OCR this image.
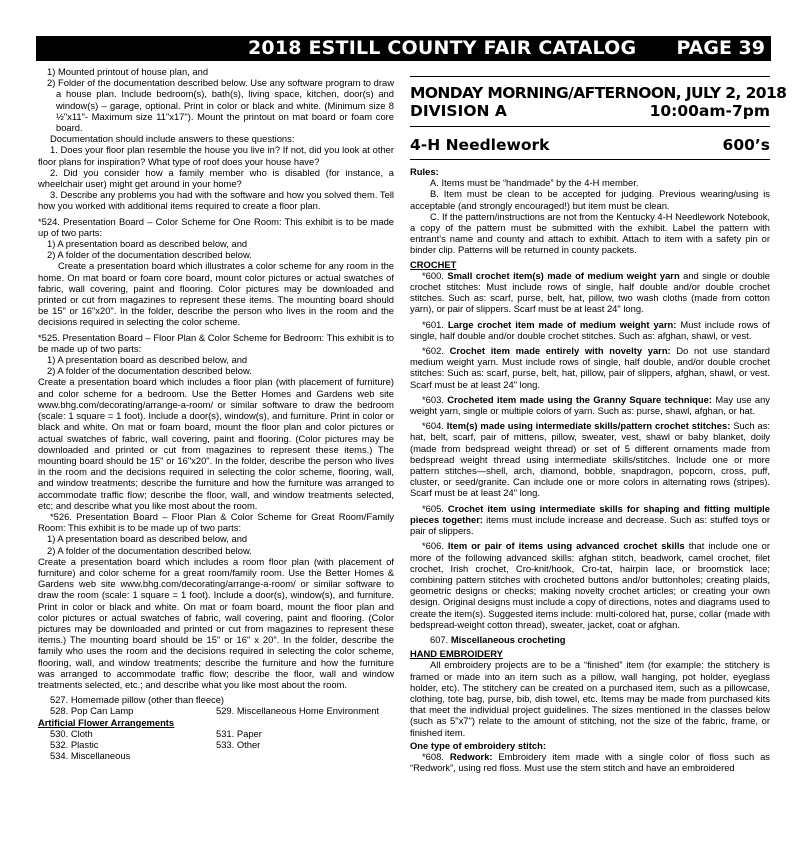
2018 ESTILL COUNTY FAIR CATALOG PAGE 39

1) Mounted printout of house plan, and

2) Folder of the documentation described below. Use any software program to draw a house plan. Include bedroom(s), bath(s), living space, kitchen, door(s) and window(s) – garage, optional. Print in color or black and white. (Minimum size 8 ½"x11"- Maximum size 11"x17"). Mount the printout on mat board or foam core board.

Documentation should include answers to these questions:

1. Does your floor plan resemble the house you live in? If not, did you look at other floor plans for inspiration? What type of roof does your house have?

2. Did you consider how a family member who is disabled (for instance, a wheelchair user) might get around in your home?

3. Describe any problems you had with the software and how you solved them. Tell how you worked with additional items required to create a floor plan.

*524. Presentation Board – Color Scheme for One Room: This exhibit is to be made up of two parts:

1) A presentation board as described below, and

2) A folder of the documentation described below.

Create a presentation board which illustrates a color scheme for any room in the home. On mat board or foam core board, mount color pictures or actual swatches of fabric, wall covering, paint and flooring. Color pictures may be downloaded and printed or cut from magazines to represent these items. The mounting board should be 15" or 16"x20". In the folder, describe the person who lives in the room and the decisions required in selecting the color scheme.

*525. Presentation Board – Floor Plan & Color Scheme for Bedroom: This exhibit is to be made up of two parts:

1) A presentation board as described below, and

2) A folder of the documentation described below.

Create a presentation board which includes a floor plan (with placement of furniture) and color scheme for a bedroom. Use the Better Homes and Gardens web site www.bhg.com/decorating/arrange-a-room/ or similar software to draw the bedroom (scale: 1 square = 1 foot). Include a door(s), window(s), and furniture. Print in color or black and white. On mat or foam board, mount the floor plan and color pictures or actual swatches of fabric, wall covering, paint and flooring. (Color pictures may be downloaded and printed or cut from magazines to represent these items.) The mounting board should be 15" or 16"x20". In the folder, describe the person who lives in the room and the decisions required in selecting the color scheme, flooring, wall, and window treatments; describe the furniture and how the furniture was arranged to accommodate traffic flow; describe the floor, wall, and window treatments selected, etc; and describe what you like most about the room.

*526. Presentation Board – Floor Plan & Color Scheme for Great Room/Family Room: This exhibit is to be made up of two parts:

1) A presentation board as described below, and

2) A folder of the documentation described below.

Create a presentation board which includes a room floor plan (with placement of furniture) and color scheme for a great room/family room. Use the Better Homes & Gardens web site www.bhg.com/decorating/arrange-a-room/ or similar software to draw the room (scale: 1 square = 1 foot). Include a door(s), window(s), and furniture. Print in color or black and white. On mat or foam board, mount the floor plan and color pictures or actual swatches of fabric, wall covering, paint and flooring. (Color pictures may be downloaded and printed or cut from magazines to represent these items.) The mounting board should be 15" or 16" x 20". In the folder, describe the family who uses the room and the decisions required in selecting the color scheme, flooring, wall, and window treatments; describe the furniture and how the furniture was arranged to accommodate traffic flow; describe the floor, wall and window treatments selected, etc.; and describe what you like most about the room.

527. Homemade pillow (other than fleece)

528. Pop Can Lamp	529. Miscellaneous Home Environment

Artificial Flower Arrangements

530. Cloth	531. Paper
532. Plastic	533. Other

534. Miscellaneous

MONDAY MORNING/AFTERNOON, JULY 2, 2018
DIVISION A	10:00am-7pm
4-H Needlework	600’s

Rules:

A. Items must be “handmade” by the 4-H member.

B. Item must be clean to be accepted for judging. Previous wearing/using is acceptable (and strongly encouraged!) but item must be clean.

C. If the pattern/instructions are not from the Kentucky 4-H Needlework Notebook, a copy of the pattern must be submitted with the exhibit. Label the pattern with entrant’s name and county and attach to exhibit. Attach to item with a safety pin or binder clip. Patterns will be returned in county packets.

CROCHET

*600. Small crochet item(s) made of medium weight yarn and single or double crochet stitches: Must include rows of single, half double and/or double crochet stitches. Such as: scarf, purse, belt, hat, pillow, two wash cloths (made from cotton yarn), or pair of slippers. Scarf must be at least 24" long.

*601. Large crochet item made of medium weight yarn: Must include rows of single, half double and/or double crochet stitches. Such as: afghan, shawl, or vest.

*602. Crochet item made entirely with novelty yarn: Do not use standard medium weight yarn. Must include rows of single, half double, and/or double crochet stitches: Such as: scarf, purse, belt, hat, pillow, pair of slippers, afghan, shawl, or vest. Scarf must be at least 24" long.

*603. Crocheted item made using the Granny Square technique: May use any weight yarn, single or multiple colors of yarn. Such as: purse, shawl, afghan, or hat.

*604. Item(s) made using intermediate skills/pattern crochet stitches: Such as: hat, belt, scarf, pair of mittens, pillow, sweater, vest, shawl or baby blanket, doily (made from bedspread weight thread) or set of 5 different ornaments made from bedspread weight thread using intermediate skills/stitches. Include one or more pattern stitches—shell, arch, diamond, bobble, snapdragon, popcorn, cross, puff, cluster, or seed/granite. Can include one or more colors in alternating rows (stripes). Scarf must be at least 24" long.

*605. Crochet item using intermediate skills for shaping and fitting multiple pieces together: items must include increase and decrease. Such as: stuffed toys or pair of slippers.

*606. Item or pair of items using advanced crochet skills that include one or more of the following advanced skills: afghan stitch, beadwork, camel crochet, filet crochet, Irish crochet, Cro-knit/hook, Cro-tat, hairpin lace, or broomstick lace; combining pattern stitches with crocheted buttons and/or buttonholes; creating plaids, geometric designs or checks; making novelty crochet articles; or creating your own design. Original designs must include a copy of directions, notes and diagrams used to create the item(s). Suggested items include: multi-colored hat, purse, collar (made with bedspread-weight cotton thread), sweater, jacket, coat or afghan.

607. Miscellaneous crocheting

HAND EMBROIDERY

All embroidery projects are to be a “finished” item (for example: the stitchery is framed or made into an item such as a pillow, wall hanging, pot holder, eyeglass holder, etc). The stitchery can be created on a purchased item, such as a pillowcase, clothing, tote bag, purse, bib, dish towel, etc. Items may be made from purchased kits that meet the individual project guidelines. The sizes mentioned in the classes below (such as 5"x7") relate to the amount of stitching, not the size of the fabric, frame, or finished item.

One type of embroidery stitch:

*608. Redwork: Embroidery item made with a single color of floss such as “Redwork”, using red floss. Must use the stem stitch and have an embroidered
